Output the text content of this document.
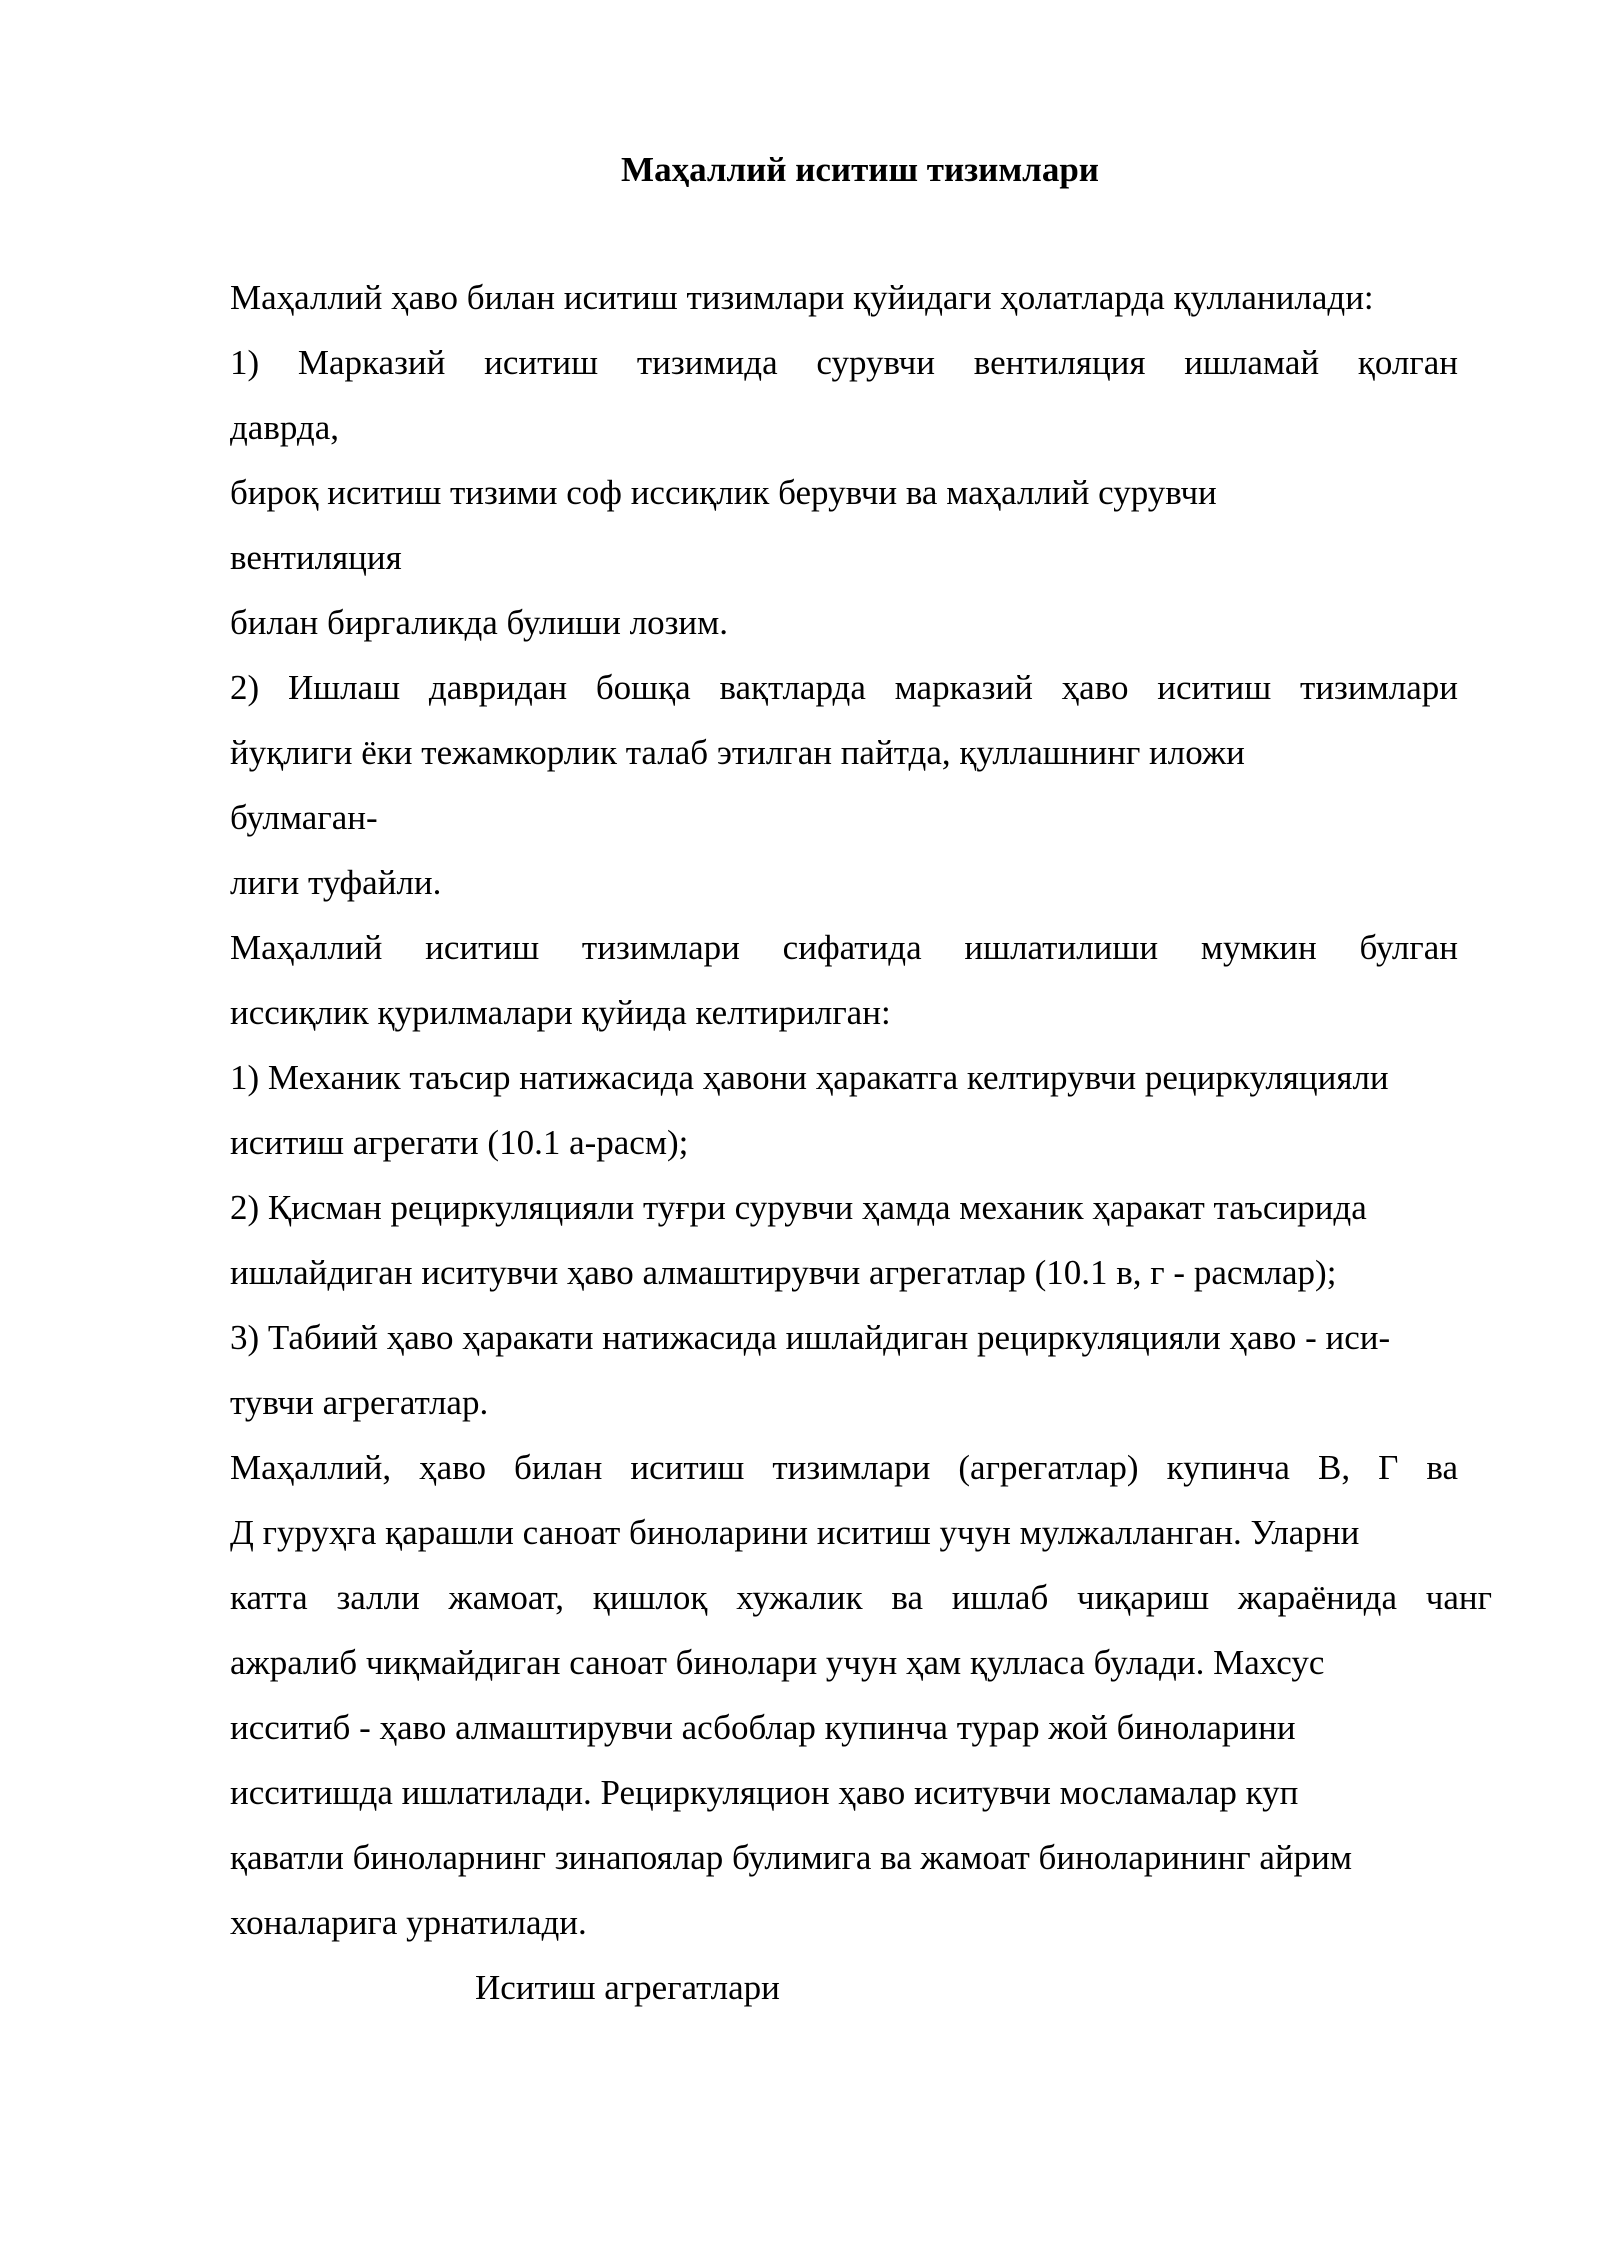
Маҳаллий иситиш тизимлари
Маҳаллий ҳаво билан иситиш тизимлари қуйидаги ҳолатларда қулланилади:
1) Марказий иситиш тизимида сурувчи вентиляция ишламай қолган
даврда,
бироқ иситиш тизими соф иссиқлик берувчи ва маҳаллий сурувчи
вентиляция
билан биргаликда булиши лозим.
2) Ишлаш давридан бошқа вақтларда марказий ҳаво иситиш тизимлари
йуқлиги ёки тежамкорлик талаб этилган пайтда, қуллашнинг иложи
булмаган-
лиги туфайли.
Маҳаллий иситиш тизимлари сифатида ишлатилиши мумкин булган
иссиқлик қурилмалари қуйида келтирилган:
1) Механик таъсир натижасида ҳавони ҳаракатга келтирувчи рециркуляцияли
иситиш агрегати (10.1 а-расм);
2) Қисман рециркуляцияли туғри сурувчи ҳамда механик ҳаракат таъсирида
ишлайдиган иситувчи ҳаво алмаштирувчи агрегатлар (10.1 в, г - расмлар);
3) Табиий ҳаво ҳаракати натижасида ишлайдиган рециркуляцияли ҳаво - иси-
тувчи агрегатлар.
Маҳаллий, ҳаво билан иситиш тизимлари (агрегатлар) купинча В, Г ва
Д гуруҳга қарашли саноат биноларини иситиш учун мулжалланган. Уларни
катта залли жамоат, қишлоқ хужалик ва ишлаб чиқариш жараёнида чанг
ажралиб чиқмайдиган саноат бинолари учун ҳам қулласа булади. Махсус
исситиб - ҳаво алмаштирувчи асбоблар купинча турар жой биноларини
исситишда ишлатилади. Рециркуляцион ҳаво иситувчи мосламалар куп
қаватли биноларнинг зинапоялар булимига ва жамоат биноларининг айрим
хоналарига урнатилади.
Иситиш агрегатлари
